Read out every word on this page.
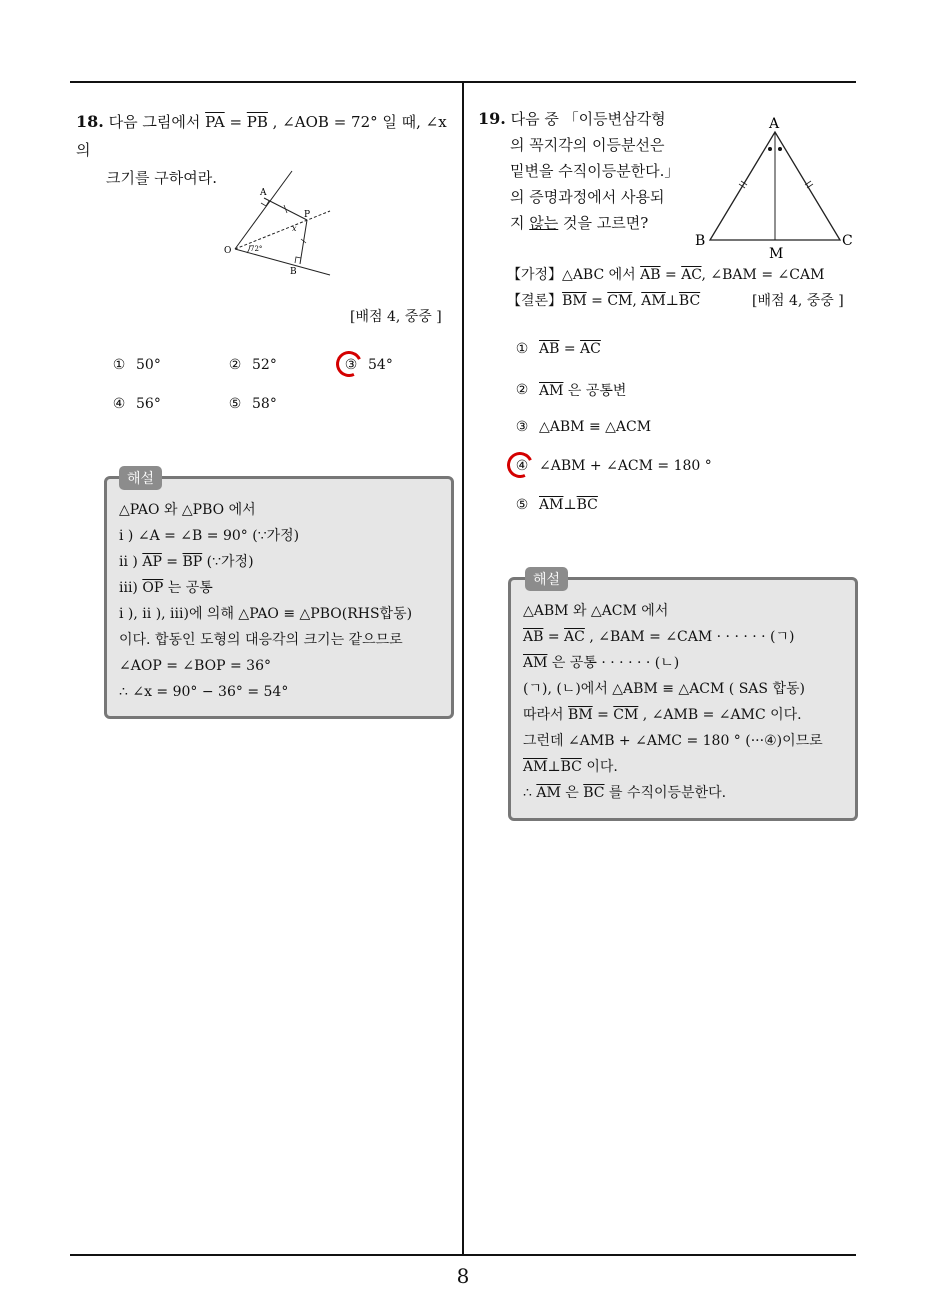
18. 다음 그림에서 $\overline{PA} = \overline{PB}$ , ∠AOB = 72° 일 때, ∠x 의
크기를 구하여라.
A
P
O
B
x
72°
[배점 4, 중중 ]
① 50°	② 52°	③ 54°
④ 56°	⑤ 58°
해설
△PAO 와 △PBO 에서
i ) ∠A = ∠B = 90° (∵가정)
ii ) $\overline{AP} = \overline{BP}$ (∵가정)
iii) $\overline{OP}$ 는 공통
i ), ii ), iii)에 의해 △PAO ≡ △PBO(RHS합동)
이다. 합동인 도형의 대응각의 크기는 같으므로
∠AOP = ∠BOP = 36°
∴ ∠x = 90° − 36° = 54°
19. 다음 중 「이등변삼각형
의 꼭지각의 이등분선은
밑변을 수직이등분한다.」
의 증명과정에서 사용되
지 않는 것을 고르면?
A
B	C
M
【가정】△ABC 에서 $\overline{AB} = \overline{AC}$, ∠BAM = ∠CAM
【결론】$\overline{BM} = \overline{CM}$, $\overline{AM}\perp\overline{BC}$	[배점 4, 중중 ]
① $\overline{AB} = \overline{AC}$
② $\overline{AM}$ 은 공통변
③ △ABM ≡ △ACM
④ ∠ABM + ∠ACM = 180 °
⑤ $\overline{AM}\perp\overline{BC}$
해설
△ABM 와 △ACM 에서
$\overline{AB} = \overline{AC}$ , ∠BAM = ∠CAM · · · · · · (ㄱ)
$\overline{AM}$ 은 공통 · · · · · · (ㄴ)
(ㄱ), (ㄴ)에서 △ABM ≡ △ACM ( SAS 합동)
따라서 $\overline{BM} = \overline{CM}$ , ∠AMB = ∠AMC 이다.
그런데 ∠AMB + ∠AMC = 180 ° (···④)이므로
$\overline{AM}\perp\overline{BC}$ 이다.
∴ $\overline{AM}$ 은 $\overline{BC}$ 를 수직이등분한다.
8
